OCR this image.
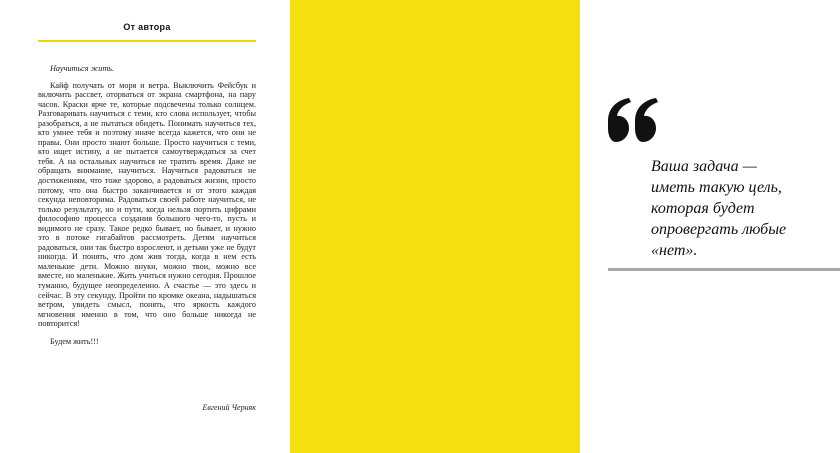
От автора

Научиться жить.

Кайф получать от моря и ветра. Выключить Фейсбук и включить рассвет, оторваться от экрана смартфона, на пару часов. Краски ярче те, которые подсвечены только солнцем. Разговаривать научиться с теми, кто слова использует, чтобы разобраться, а не пытаться обидеть. Понимать научиться тех, кто умнее тебя и поэтому иначе всегда кажется, что они не правы. Они просто знают больше. Просто научиться с теми, кто ищет истину, а не пытается самоутверждаться за счет тебя. А на остальных научиться не тратить время. Даже не обращать внимание, научиться. Научиться радоваться не достижениям, что тоже здорово, а радоваться жизни, просто потому, что она быстро заканчивается и от этого каждая секунда неповторима. Радоваться своей работе научиться, не только результату, но и пути, когда нельзя портить цифрами философию процесса создания большого чего-то, пусть и видимого не сразу. Такое редко бывает, но бывает, и нужно это в потоке гигабайтов рассмотреть. Детям научиться радоваться, они так быстро взрослеют, и детьми уже не будут никогда. И понять, что дом жив тогда, когда в нем есть маленькие дети. Можно внуки, можно твои, можно все вместе, но маленькие. Жить учиться нужно сегодня. Прошлое туманно, будущее неопределенно. А счастье — это здесь и сейчас. В эту секунду. Пройти по кромке океана, надышаться ветром, увидеть смысл, понять, что яркость каждого мгновения именно в том, что оно больше никогда не повторится!

Будем жить!!!

Евгений Черняк
Ваша задача —
иметь такую цель,
которая будет
опровергать любые
«нет».
